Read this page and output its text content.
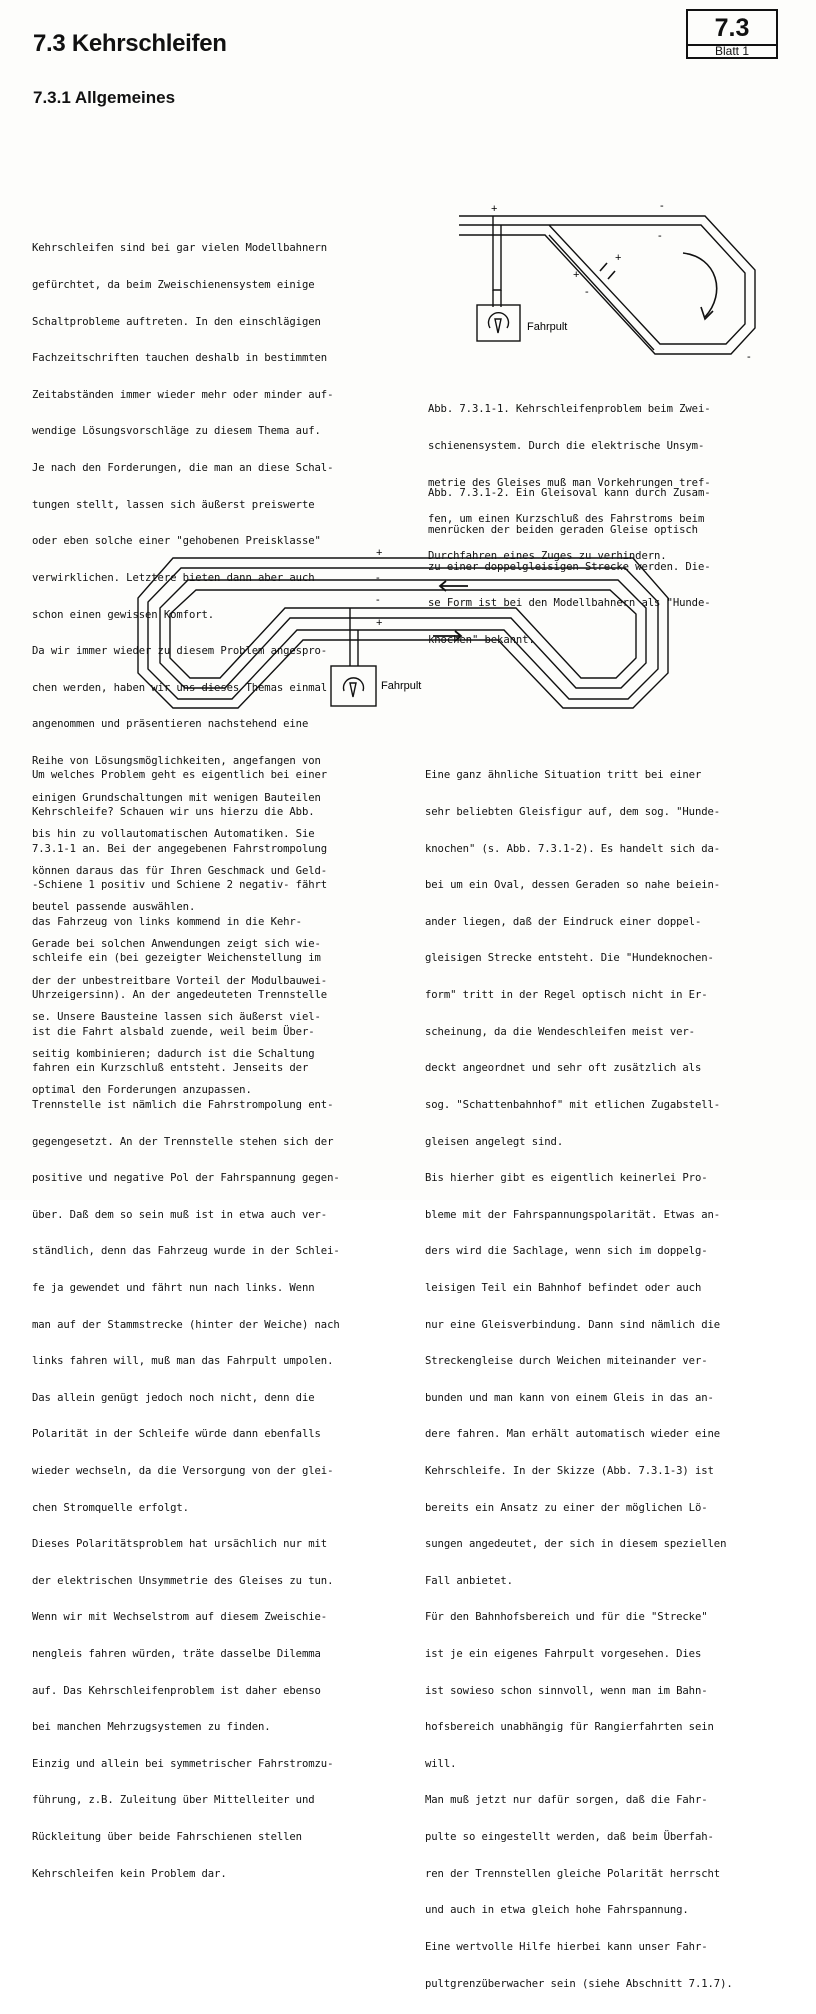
7.3 Kehrschleifen
7.3.1 Allgemeines
7.3
Blatt 1

Kehrschleifen sind bei gar vielen Modellbahnern

gefürchtet, da beim Zweischienensystem einige

Schaltprobleme auftreten. In den einschlägigen

Fachzeitschriften tauchen deshalb in bestimmten

Zeitabständen immer wieder mehr oder minder auf-

wendige Lösungsvorschläge zu diesem Thema auf.

Je nach den Forderungen, die man an diese Schal-

tungen stellt, lassen sich äußerst preiswerte

oder eben solche einer "gehobenen Preisklasse"

verwirklichen. Letztere bieten dann aber auch

schon einen gewissen Komfort.

Da wir immer wieder zu diesem Problem angespro-

chen werden, haben wir uns dieses Themas einmal

angenommen und präsentieren nachstehend eine

Reihe von Lösungsmöglichkeiten, angefangen von

einigen Grundschaltungen mit wenigen Bauteilen

bis hin zu vollautomatischen Automatiken. Sie

können daraus das für Ihren Geschmack und Geld-

beutel passende auswählen.

Gerade bei solchen Anwendungen zeigt sich wie-

der der unbestreitbare Vorteil der Modulbauwei-

se. Unsere Bausteine lassen sich äußerst viel-

seitig kombinieren; dadurch ist die Schaltung

optimal den Forderungen anzupassen.

Fahrpult
+	-
-
+
+
-
-

Abb. 7.3.1-1. Kehrschleifenproblem beim Zwei-

schienensystem. Durch die elektrische Unsym-

metrie des Gleises muß man Vorkehrungen tref-

fen, um einen Kurzschluß des Fahrstroms beim

Durchfahren eines Zuges zu verhindern.

Abb. 7.3.1-2. Ein Gleisoval kann durch Zusam-

menrücken der beiden geraden Gleise optisch

zu einer doppelgleisigen Strecke werden. Die-

se Form ist bei den Modellbahnern als "Hunde-

knochen" bekannt.

Fahrpult
+
-
-
+

Um welches Problem geht es eigentlich bei einer

Kehrschleife? Schauen wir uns hierzu die Abb.

7.3.1-1 an. Bei der angegebenen Fahrstrompolung

-Schiene 1 positiv und Schiene 2 negativ- fährt

das Fahrzeug von links kommend in die Kehr-

schleife ein (bei gezeigter Weichenstellung im

Uhrzeigersinn). An der angedeuteten Trennstelle

ist die Fahrt alsbald zuende, weil beim Über-

fahren ein Kurzschluß entsteht. Jenseits der

Trennstelle ist nämlich die Fahrstrompolung ent-

gegengesetzt. An der Trennstelle stehen sich der

positive und negative Pol der Fahrspannung gegen-

über. Daß dem so sein muß ist in etwa auch ver-

ständlich, denn das Fahrzeug wurde in der Schlei-

fe ja gewendet und fährt nun nach links. Wenn

man auf der Stammstrecke (hinter der Weiche) nach

links fahren will, muß man das Fahrpult umpolen.

Das allein genügt jedoch noch nicht, denn die

Polarität in der Schleife würde dann ebenfalls

wieder wechseln, da die Versorgung von der glei-

chen Stromquelle erfolgt.

Dieses Polaritätsproblem hat ursächlich nur mit

der elektrischen Unsymmetrie des Gleises zu tun.

Wenn wir mit Wechselstrom auf diesem Zweischie-

nengleis fahren würden, träte dasselbe Dilemma

auf. Das Kehrschleifenproblem ist daher ebenso

bei manchen Mehrzugsystemen zu finden.

Einzig und allein bei symmetrischer Fahrstromzu-

führung, z.B. Zuleitung über Mittelleiter und

Rückleitung über beide Fahrschienen stellen

Kehrschleifen kein Problem dar.

Eine ganz ähnliche Situation tritt bei einer

sehr beliebten Gleisfigur auf, dem sog. "Hunde-

knochen" (s. Abb. 7.3.1-2). Es handelt sich da-

bei um ein Oval, dessen Geraden so nahe beiein-

ander liegen, daß der Eindruck einer doppel-

gleisigen Strecke entsteht. Die "Hundeknochen-

form" tritt in der Regel optisch nicht in Er-

scheinung, da die Wendeschleifen meist ver-

deckt angeordnet und sehr oft zusätzlich als

sog. "Schattenbahnhof" mit etlichen Zugabstell-

gleisen angelegt sind.

Bis hierher gibt es eigentlich keinerlei Pro-

bleme mit der Fahrspannungspolarität. Etwas an-

ders wird die Sachlage, wenn sich im doppelg-

leisigen Teil ein Bahnhof befindet oder auch

nur eine Gleisverbindung. Dann sind nämlich die

Streckengleise durch Weichen miteinander ver-

bunden und man kann von einem Gleis in das an-

dere fahren. Man erhält automatisch wieder eine

Kehrschleife. In der Skizze (Abb. 7.3.1-3) ist

bereits ein Ansatz zu einer der möglichen Lö-

sungen angedeutet, der sich in diesem speziellen

Fall anbietet.

Für den Bahnhofsbereich und für die "Strecke"

ist je ein eigenes Fahrpult vorgesehen. Dies

ist sowieso schon sinnvoll, wenn man im Bahn-

hofsbereich unabhängig für Rangierfahrten sein

will.

Man muß jetzt nur dafür sorgen, daß die Fahr-

pulte so eingestellt werden, daß beim Überfah-

ren der Trennstellen gleiche Polarität herrscht

und auch in etwa gleich hohe Fahrspannung.

Eine wertvolle Hilfe hierbei kann unser Fahr-

pultgrenzüberwacher sein (siehe Abschnitt 7.1.7).
